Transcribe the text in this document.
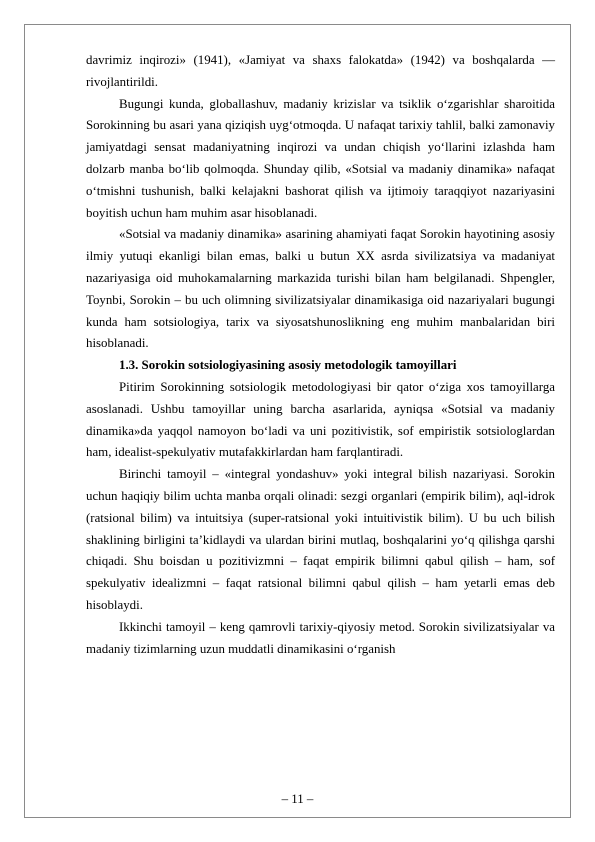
davrimiz inqirozi» (1941), «Jamiyat va shaxs falokatda» (1942) va boshqalarda — rivojlantirildi.

Bugungi kunda, globallashuv, madaniy krizislar va tsiklik o‘zgarishlar sharoitida Sorokinning bu asari yana qiziqish uyg‘otmoqda. U nafaqat tarixiy tahlil, balki zamonaviy jamiyatdagi sensat madaniyatning inqirozi va undan chiqish yo‘llarini izlashda ham dolzarb manba bo‘lib qolmoqda. Shunday qilib, «Sotsial va madaniy dinamika» nafaqat o‘tmishni tushunish, balki kelajakni bashorat qilish va ijtimoiy taraqqiyot nazariyasini boyitish uchun ham muhim asar hisoblanadi.

«Sotsial va madaniy dinamika» asarining ahamiyati faqat Sorokin hayotining asosiy ilmiy yutuqi ekanligi bilan emas, balki u butun XX asrda sivilizatsiya va madaniyat nazariyasiga oid muhokamalarning markazida turishi bilan ham belgilanadi. Shpengler, Toynbi, Sorokin – bu uch olimning sivilizatsiyalar dinamikasiga oid nazariyalari bugungi kunda ham sotsiologiya, tarix va siyosatshunoslikning eng muhim manbalaridan biri hisoblanadi.

1.3. Sorokin sotsiologiyasining asosiy metodologik tamoyillari

Pitirim Sorokinning sotsiologik metodologiyasi bir qator o‘ziga xos tamoyillarga asoslanadi. Ushbu tamoyillar uning barcha asarlarida, ayniqsa «Sotsial va madaniy dinamika»da yaqqol namoyon bo‘ladi va uni pozitivistik, sof empiristik sotsiologlardan ham, idealist-spekulyativ mutafakkirlardan ham farqlantiradi.

Birinchi tamoyil – «integral yondashuv» yoki integral bilish nazariyasi. Sorokin uchun haqiqiy bilim uchta manba orqali olinadi: sezgi organlari (empirik bilim), aql-idrok (ratsional bilim) va intuitsiya (super-ratsional yoki intuitivistik bilim). U bu uch bilish shaklining birligini ta’kidlaydi va ulardan birini mutlaq, boshqalarini yo‘q qilishga qarshi chiqadi. Shu boisdan u pozitivizmni – faqat empirik bilimni qabul qilish – ham, sof spekulyativ idealizmni – faqat ratsional bilimni qabul qilish – ham yetarli emas deb hisoblaydi.

Ikkinchi tamoyil – keng qamrovli tarixiy-qiyosiy metod. Sorokin sivilizatsiyalar va madaniy tizimlarning uzun muddatli dinamikasini o‘rganish

– 11 –
